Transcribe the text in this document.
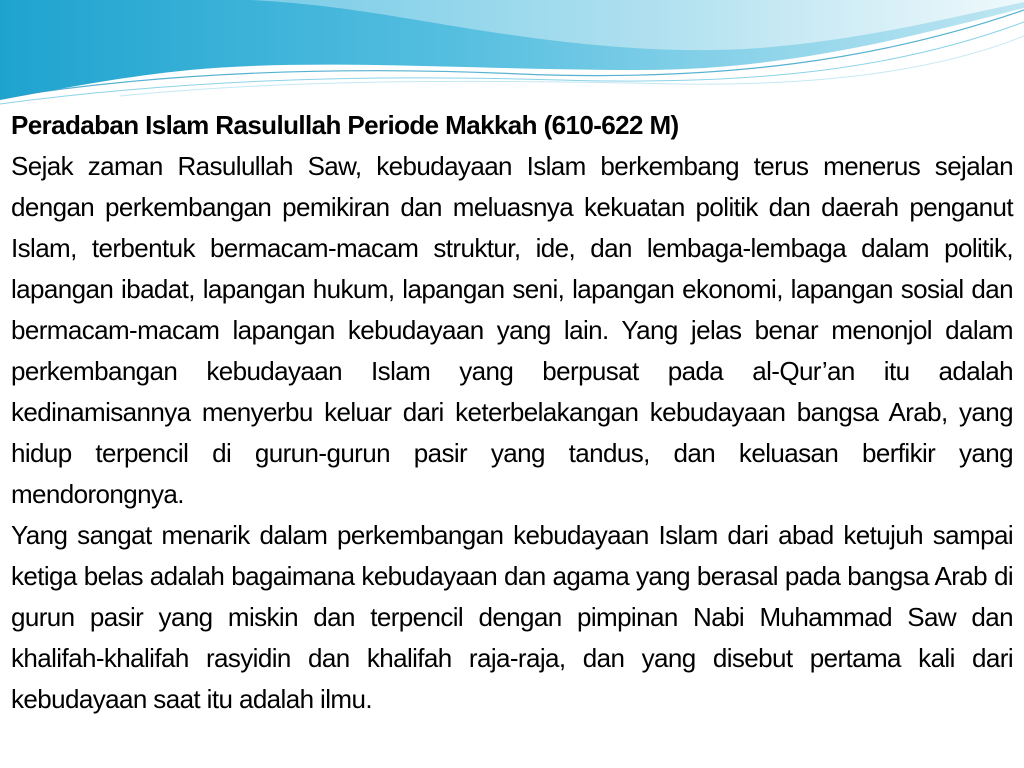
Peradaban Islam Rasulullah Periode Makkah (610-622 M)

Sejak zaman Rasulullah Saw, kebudayaan Islam berkembang terus menerus sejalan dengan perkembangan pemikiran dan meluasnya kekuatan politik dan daerah penganut Islam, terbentuk bermacam-macam struktur, ide, dan lembaga-lembaga dalam politik, lapangan ibadat, lapangan hukum, lapangan seni, lapangan ekonomi, lapangan sosial dan bermacam-macam lapangan kebudayaan yang lain. Yang jelas benar menonjol dalam perkembangan kebudayaan Islam yang berpusat pada al-Qur’an itu adalah kedinamisannya menyerbu keluar dari keterbelakangan kebudayaan bangsa Arab, yang hidup terpencil di gurun-gurun pasir yang tandus, dan keluasan berfikir yang mendorongnya.

Yang sangat menarik dalam perkembangan kebudayaan Islam dari abad ketujuh sampai ketiga belas adalah bagaimana kebudayaan dan agama yang berasal pada bangsa Arab di gurun pasir yang miskin dan terpencil dengan pimpinan Nabi Muhammad Saw dan khalifah-khalifah rasyidin dan khalifah raja-raja, dan yang disebut pertama kali dari kebudayaan saat itu adalah ilmu.
